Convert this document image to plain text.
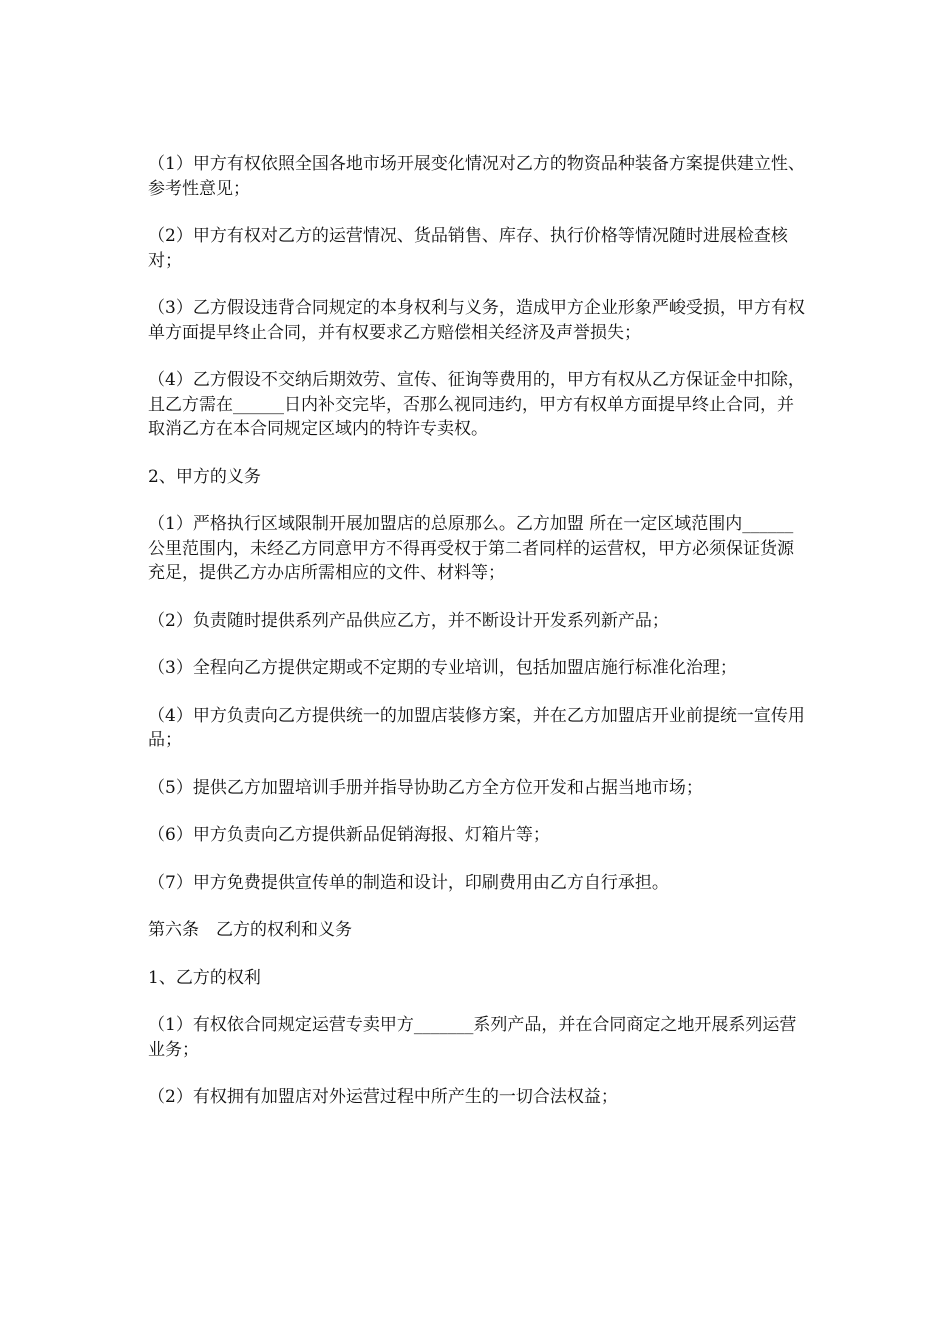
（1）甲方有权依照全国各地市场开展变化情况对乙方的物资品种装备方案提供建立性、参考性意见；

（2）甲方有权对乙方的运营情况、货品销售、库存、执行价格等情况随时进展检查核对；

（3）乙方假设违背合同规定的本身权利与义务，造成甲方企业形象严峻受损，甲方有权单方面提早终止合同，并有权要求乙方赔偿相关经济及声誉损失；

（4）乙方假设不交纳后期效劳、宣传、征询等费用的，甲方有权从乙方保证金中扣除，且乙方需在______日内补交完毕，否那么视同违约，甲方有权单方面提早终止合同，并取消乙方在本合同规定区域内的特许专卖权。

2、甲方的义务

（1）严格执行区域限制开展加盟店的总原那么。乙方加盟 所在一定区域范围内______公里范围内，未经乙方同意甲方不得再受权于第二者同样的运营权，甲方必须保证货源充足，提供乙方办店所需相应的文件、材料等；

（2）负责随时提供系列产品供应乙方，并不断设计开发系列新产品；

（3）全程向乙方提供定期或不定期的专业培训，包括加盟店施行标准化治理；

（4）甲方负责向乙方提供统一的加盟店装修方案，并在乙方加盟店开业前提统一宣传用品；

（5）提供乙方加盟培训手册并指导协助乙方全方位开发和占据当地市场；

（6）甲方负责向乙方提供新品促销海报、灯箱片等；

（7）甲方免费提供宣传单的制造和设计，印刷费用由乙方自行承担。

第六条　乙方的权利和义务

1、乙方的权利

（1）有权依合同规定运营专卖甲方_______系列产品，并在合同商定之地开展系列运营业务；

（2）有权拥有加盟店对外运营过程中所产生的一切合法权益；
